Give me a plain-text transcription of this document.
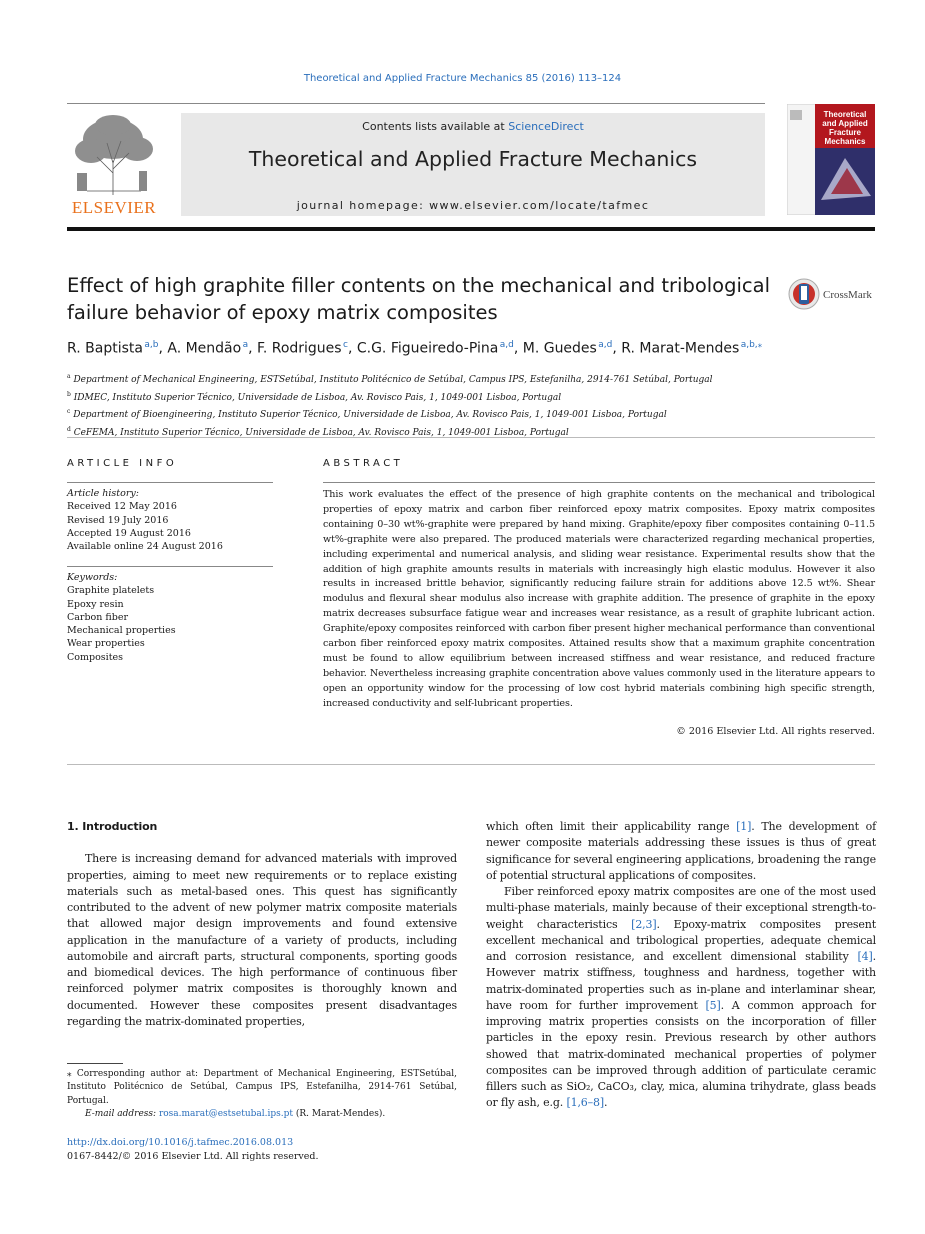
Theoretical and Applied Fracture Mechanics 85 (2016) 113–124
ELSEVIER
Contents lists available at ScienceDirect
Theoretical and Applied Fracture Mechanics
journal homepage: www.elsevier.com/locate/tafmec
Theoretical
and Applied
Fracture
Mechanics
Effect of high graphite filler contents on the mechanical and tribological failure behavior of epoxy matrix composites
CrossMark
R. Baptista $^{a,b}$, A. Mendão $^a$, F. Rodrigues $^c$, C.G. Figueiredo-Pina $^{a,d}$, M. Guedes $^{a,d}$, R. Marat-Mendes $^{a,b,⁎}$
$^a$ Department of Mechanical Engineering, ESTSetúbal, Instituto Politécnico de Setúbal, Campus IPS, Estefanilha, 2914-761 Setúbal, Portugal
$^b$ IDMEC, Instituto Superior Técnico, Universidade de Lisboa, Av. Rovisco Pais, 1, 1049-001 Lisboa, Portugal
$^c$ Department of Bioengineering, Instituto Superior Técnico, Universidade de Lisboa, Av. Rovisco Pais, 1, 1049-001 Lisboa, Portugal
$^d$ CeFEMA, Instituto Superior Técnico, Universidade de Lisboa, Av. Rovisco Pais, 1, 1049-001 Lisboa, Portugal
ARTICLE INFO	ABSTRACT
Article history:
Received 12 May 2016
Revised 19 July 2016
Accepted 19 August 2016
Available online 24 August 2016
Keywords:
Graphite platelets
Epoxy resin
Carbon fiber
Mechanical properties
Wear properties
Composites
This work evaluates the effect of the presence of high graphite contents on the mechanical and tribological properties of epoxy matrix and carbon fiber reinforced epoxy matrix composites. Epoxy matrix composites containing 0–30 wt%-graphite were prepared by hand mixing. Graphite/epoxy fiber composites containing 0–11.5 wt%-graphite were also prepared. The produced materials were characterized regarding mechanical properties, including experimental and numerical analysis, and sliding wear resistance. Experimental results show that the addition of high graphite amounts results in materials with increasingly high elastic modulus. However it also results in increased brittle behavior, significantly reducing failure strain for additions above 12.5 wt%. Shear modulus and flexural shear modulus also increase with graphite addition. The presence of graphite in the epoxy matrix decreases subsurface fatigue wear and increases wear resistance, as a result of graphite lubricant action. Graphite/epoxy composites reinforced with carbon fiber present higher mechanical performance than conventional carbon fiber reinforced epoxy matrix composites. Attained results show that a maximum graphite concentration must be found to allow equilibrium between increased stiffness and wear resistance, and reduced fracture behavior. Nevertheless increasing graphite concentration above values commonly used in the literature appears to open an opportunity window for the processing of low cost hybrid materials combining high specific strength, increased conductivity and self-lubricant properties.
© 2016 Elsevier Ltd. All rights reserved.
1. Introduction

There is increasing demand for advanced materials with improved properties, aiming to meet new requirements or to replace existing materials such as metal-based ones. This quest has significantly contributed to the advent of new polymer matrix composite materials that allowed major design improvements and found extensive application in the manufacture of a variety of products, including automobile and aircraft parts, structural components, sporting goods and biomedical devices. The high performance of continuous fiber reinforced polymer matrix composites is thoroughly known and documented. However these composites present disadvantages regarding the matrix-dominated properties,

which often limit their applicability range [1]. The development of newer composite materials addressing these issues is thus of great significance for several engineering applications, broadening the range of potential structural applications of composites.

Fiber reinforced epoxy matrix composites are one of the most used multi-phase materials, mainly because of their exceptional strength-to-weight characteristics [2,3]. Epoxy-matrix composites present excellent mechanical and tribological properties, adequate chemical and corrosion resistance, and excellent dimensional stability [4]. However matrix stiffness, toughness and hardness, together with matrix-dominated properties such as in-plane and interlaminar shear, have room for further improvement [5]. A common approach for improving matrix properties consists on the incorporation of filler particles in the epoxy resin. Previous research by other authors showed that matrix-dominated mechanical properties of polymer composites can be improved through addition of particulate ceramic fillers such as SiO₂, CaCO₃, clay, mica, alumina trihydrate, glass beads or fly ash, e.g. [1,6–8].

⁎ Corresponding author at: Department of Mechanical Engineering, ESTSetúbal, Instituto Politécnico de Setúbal, Campus IPS, Estefanilha, 2914-761 Setúbal, Portugal.
E-mail address: rosa.marat@estsetubal.ips.pt (R. Marat-Mendes).
http://dx.doi.org/10.1016/j.tafmec.2016.08.013
0167-8442/© 2016 Elsevier Ltd. All rights reserved.
